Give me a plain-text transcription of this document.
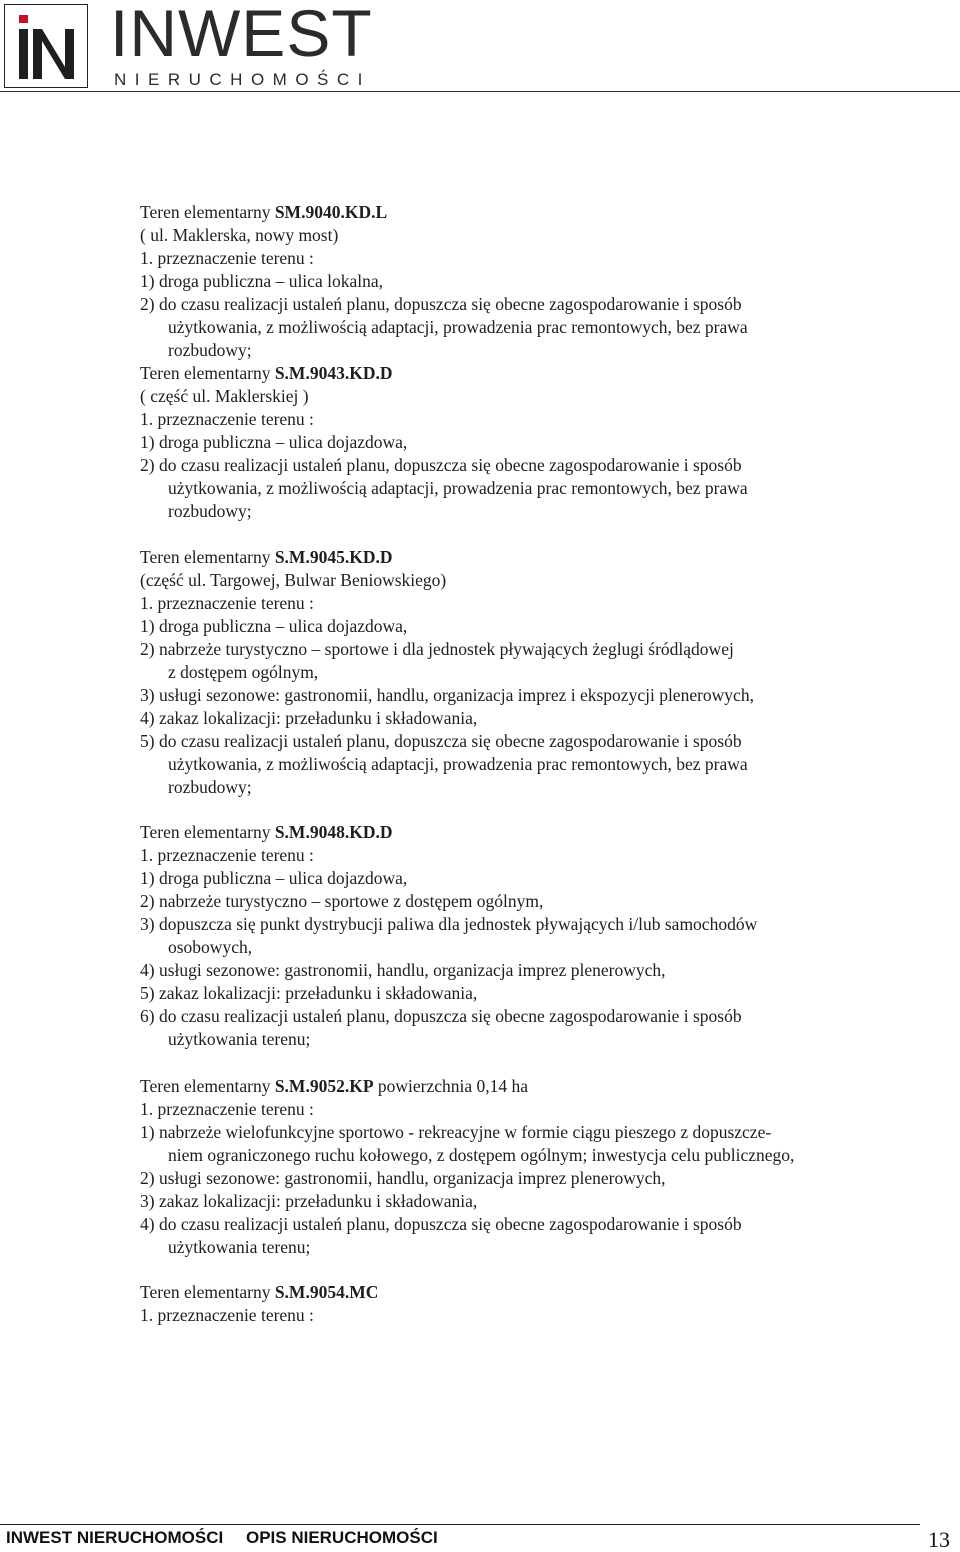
INWEST
NIERUCHOMOŚCI
Teren elementarny SM.9040.KD.L
( ul. Maklerska, nowy most)
1. przeznaczenie terenu :
1) droga publiczna – ulica lokalna,
2) do czasu realizacji ustaleń planu, dopuszcza się obecne zagospodarowanie i sposób
użytkowania, z możliwością adaptacji, prowadzenia prac remontowych, bez prawa
rozbudowy;
Teren elementarny S.M.9043.KD.D
( część ul. Maklerskiej )
1. przeznaczenie terenu :
1) droga publiczna – ulica dojazdowa,
2) do czasu realizacji ustaleń planu, dopuszcza się obecne zagospodarowanie i sposób
użytkowania, z możliwością adaptacji, prowadzenia prac remontowych, bez prawa
rozbudowy;
Teren elementarny S.M.9045.KD.D
(część ul. Targowej, Bulwar Beniowskiego)
1. przeznaczenie terenu :
1) droga publiczna – ulica dojazdowa,
2) nabrzeże turystyczno – sportowe i dla jednostek pływających żeglugi śródlądowej
z dostępem ogólnym,
3) usługi sezonowe: gastronomii, handlu, organizacja imprez i ekspozycji plenerowych,
4) zakaz lokalizacji: przeładunku i składowania,
5) do czasu realizacji ustaleń planu, dopuszcza się obecne zagospodarowanie i sposób
użytkowania, z możliwością adaptacji, prowadzenia prac remontowych, bez prawa
rozbudowy;
Teren elementarny S.M.9048.KD.D
1. przeznaczenie terenu :
1) droga publiczna – ulica dojazdowa,
2) nabrzeże turystyczno – sportowe z dostępem ogólnym,
3) dopuszcza się punkt dystrybucji paliwa dla jednostek pływających i/lub samochodów
osobowych,
4) usługi sezonowe: gastronomii, handlu, organizacja imprez plenerowych,
5) zakaz lokalizacji: przeładunku i składowania,
6) do czasu realizacji ustaleń planu, dopuszcza się obecne zagospodarowanie i sposób
użytkowania terenu;
Teren elementarny S.M.9052.KP powierzchnia 0,14 ha
1. przeznaczenie terenu :
1) nabrzeże wielofunkcyjne sportowo - rekreacyjne w formie ciągu pieszego z dopuszcze-
niem ograniczonego ruchu kołowego, z dostępem ogólnym; inwestycja celu publicznego,
2) usługi sezonowe: gastronomii, handlu, organizacja imprez plenerowych,
3) zakaz lokalizacji: przeładunku i składowania,
4) do czasu realizacji ustaleń planu, dopuszcza się obecne zagospodarowanie i sposób
użytkowania terenu;
Teren elementarny S.M.9054.MC
1. przeznaczenie terenu :
INWEST NIERUCHOMOŚCI OPIS NIERUCHOMOŚCI	13
